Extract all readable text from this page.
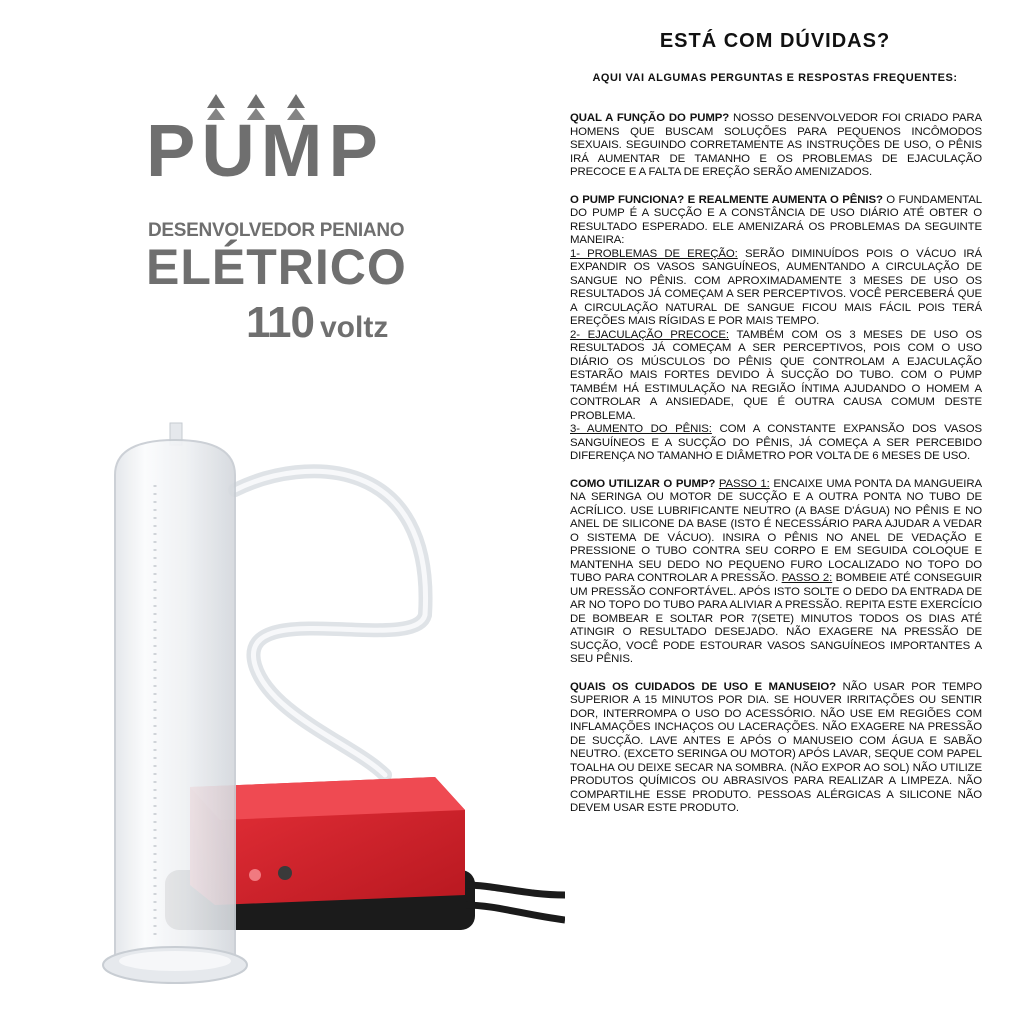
PUMP
DESENVOLVEDOR PENIANO
ELÉTRICO
110 voltz
ESTÁ COM DÚVIDAS?
AQUI VAI ALGUMAS PERGUNTAS E RESPOSTAS FREQUENTES:

QUAL A FUNÇÃO DO PUMP? NOSSO DESENVOLVEDOR FOI CRIADO PARA HOMENS QUE BUSCAM SOLUÇÕES PARA PEQUENOS INCÔMODOS SEXUAIS. SEGUINDO CORRETAMENTE AS INSTRUÇÕES DE USO, O PÊNIS IRÁ AUMENTAR DE TAMANHO E OS PROBLEMAS DE EJACULAÇÃO PRECOCE E A FALTA DE EREÇÃO SERÃO AMENIZADOS.

O PUMP FUNCIONA? E REALMENTE AUMENTA O PÊNIS? O FUNDAMENTAL DO PUMP É A SUCÇÃO E A CONSTÂNCIA DE USO DIÁRIO ATÉ OBTER O RESULTADO ESPERADO. ELE AMENIZARÁ OS PROBLEMAS DA SEGUINTE MANEIRA:

1- PROBLEMAS DE EREÇÃO: SERÃO DIMINUÍDOS POIS O VÁCUO IRÁ EXPANDIR OS VASOS SANGUÍNEOS, AUMENTANDO A CIRCULAÇÃO DE SANGUE NO PÊNIS. COM APROXIMADAMENTE 3 MESES DE USO OS RESULTADOS JÁ COMEÇAM A SER PERCEPTIVOS. VOCÊ PERCEBERÁ QUE A CIRCULAÇÃO NATURAL DE SANGUE FICOU MAIS FÁCIL POIS TERÁ EREÇÕES MAIS RÍGIDAS E POR MAIS TEMPO.

2- EJACULAÇÃO PRECOCE: TAMBÉM COM OS 3 MESES DE USO OS RESULTADOS JÁ COMEÇAM A SER PERCEPTIVOS, POIS COM O USO DIÁRIO OS MÚSCULOS DO PÊNIS QUE CONTROLAM A EJACULAÇÃO ESTARÃO MAIS FORTES DEVIDO À SUCÇÃO DO TUBO. COM O PUMP TAMBÉM HÁ ESTIMULAÇÃO NA REGIÃO ÍNTIMA AJUDANDO O HOMEM A CONTROLAR A ANSIEDADE, QUE É OUTRA CAUSA COMUM DESTE PROBLEMA.

3- AUMENTO DO PÊNIS: COM A CONSTANTE EXPANSÃO DOS VASOS SANGUÍNEOS E A SUCÇÃO DO PÊNIS, JÁ COMEÇA A SER PERCEBIDO DIFERENÇA NO TAMANHO E DIÂMETRO POR VOLTA DE 6 MESES DE USO.

COMO UTILIZAR O PUMP? PASSO 1: ENCAIXE UMA PONTA DA MANGUEIRA NA SERINGA OU MOTOR DE SUCÇÃO E A OUTRA PONTA NO TUBO DE ACRÍLICO. USE LUBRIFICANTE NEUTRO (A BASE D'ÁGUA) NO PÊNIS E NO ANEL DE SILICONE DA BASE (ISTO É NECESSÁRIO PARA AJUDAR A VEDAR O SISTEMA DE VÁCUO). INSIRA O PÊNIS NO ANEL DE VEDAÇÃO E PRESSIONE O TUBO CONTRA SEU CORPO E EM SEGUIDA COLOQUE E MANTENHA SEU DEDO NO PEQUENO FURO LOCALIZADO NO TOPO DO TUBO PARA CONTROLAR A PRESSÃO. PASSO 2: BOMBEIE ATÉ CONSEGUIR UM PRESSÃO CONFORTÁVEL. APÓS ISTO SOLTE O DEDO DA ENTRADA DE AR NO TOPO DO TUBO PARA ALIVIAR A PRESSÃO. REPITA ESTE EXERCÍCIO DE BOMBEAR E SOLTAR POR 7(SETE) MINUTOS TODOS OS DIAS ATÉ ATINGIR O RESULTADO DESEJADO. NÃO EXAGERE NA PRESSÃO DE SUCÇÃO, VOCÊ PODE ESTOURAR VASOS SANGUÍNEOS IMPORTANTES A SEU PÊNIS.

QUAIS OS CUIDADOS DE USO E MANUSEIO? NÃO USAR POR TEMPO SUPERIOR A 15 MINUTOS POR DIA. SE HOUVER IRRITAÇÕES OU SENTIR DOR, INTERROMPA O USO DO ACESSÓRIO. NÃO USE EM REGIÕES COM INFLAMAÇÕES INCHAÇOS OU LACERAÇÕES. NÃO EXAGERE NA PRESSÃO DE SUCÇÃO. LAVE ANTES E APÓS O MANUSEIO COM ÁGUA E SABÃO NEUTRO. (EXCETO SERINGA OU MOTOR) APÓS LAVAR, SEQUE COM PAPEL TOALHA OU DEIXE SECAR NA SOMBRA. (NÃO EXPOR AO SOL) NÃO UTILIZE PRODUTOS QUÍMICOS OU ABRASIVOS PARA REALIZAR A LIMPEZA. NÃO COMPARTILHE ESSE PRODUTO. PESSOAS ALÉRGICAS A SILICONE NÃO DEVEM USAR ESTE PRODUTO.
